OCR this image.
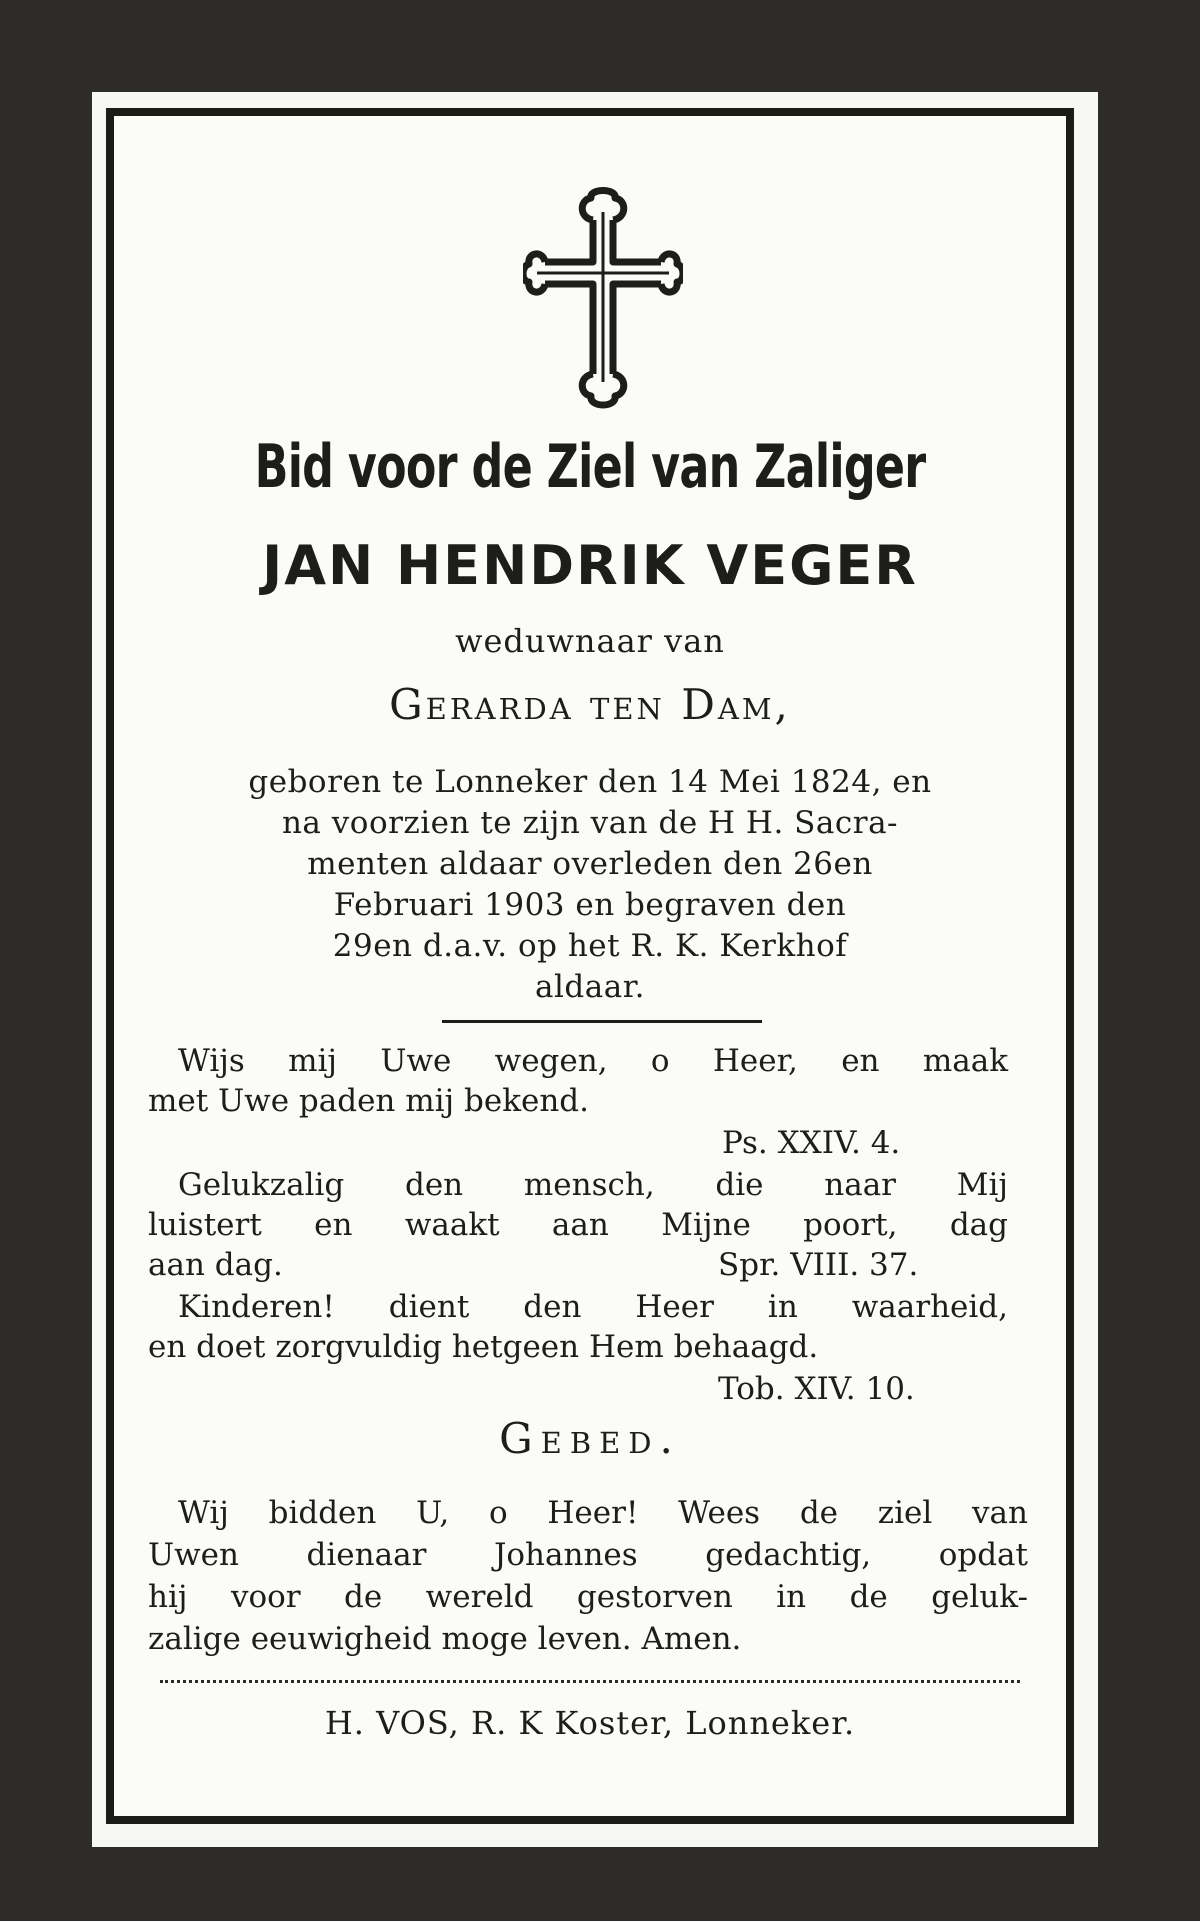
Bid voor de Ziel van Zaliger
JAN HENDRIK VEGER
weduwnaar van
Gerarda ten Dam,
geboren te Lonneker den 14 Mei 1824, en
na voorzien te zijn van de H H. Sacra-
menten aldaar overleden den 26en
Februari 1903 en begraven den
29en d.a.v. op het R. K. Kerkhof
aldaar.
Wijs mij Uwe wegen, o Heer, en maak
met Uwe paden mij bekend.
Ps. XXIV. 4.
Gelukzalig den mensch, die naar Mij
luistert en waakt aan Mijne poort, dag
aan dag.	Spr. VIII. 37.
Kinderen! dient den Heer in waarheid,
en doet zorgvuldig hetgeen Hem behaagd.
Tob. XIV. 10.
Gebed.
Wij bidden U, o Heer! Wees de ziel van
Uwen dienaar Johannes gedachtig, opdat
hij voor de wereld gestorven in de geluk-
zalige eeuwigheid moge leven. Amen.
H. VOS, R. K Koster, Lonneker.
